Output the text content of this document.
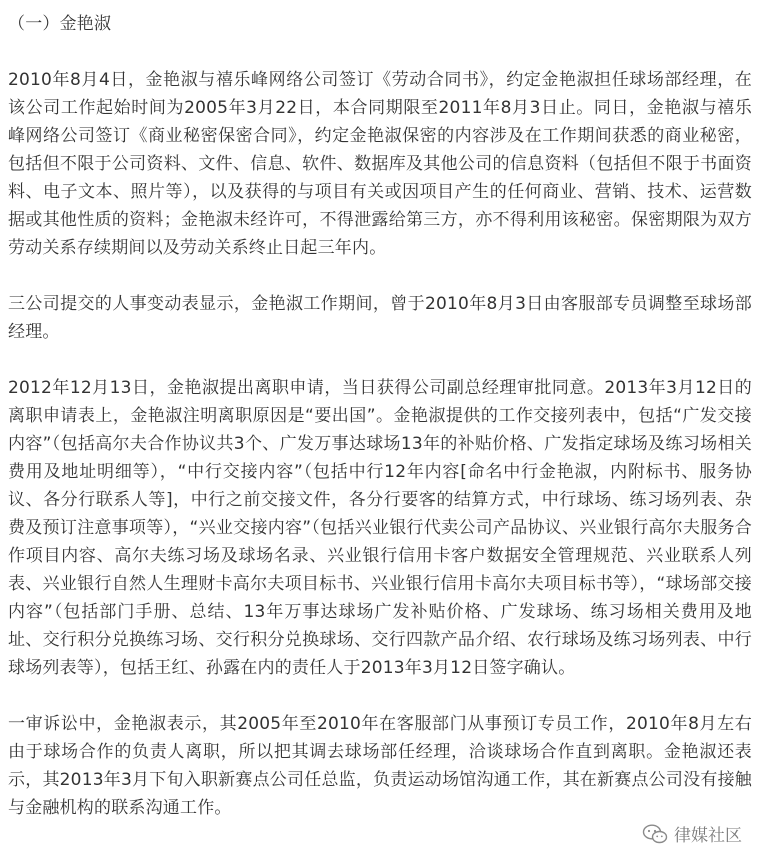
（一）金艳淑

2010年8月4日，金艳淑与禧乐峰网络公司签订《劳动合同书》，约定金艳淑担任球场部经理，在该公司工作起始时间为2005年3月22日，本合同期限至2011年8月3日止。同日，金艳淑与禧乐峰网络公司签订《商业秘密保密合同》，约定金艳淑保密的内容涉及在工作期间获悉的商业秘密，包括但不限于公司资料、文件、信息、软件、数据库及其他公司的信息资料（包括但不限于书面资料、电子文本、照片等），以及获得的与项目有关或因项目产生的任何商业、营销、技术、运营数据或其他性质的资料；金艳淑未经许可，不得泄露给第三方，亦不得利用该秘密。保密期限为双方劳动关系存续期间以及劳动关系终止日起三年内。

三公司提交的人事变动表显示，金艳淑工作期间，曾于2010年8月3日由客服部专员调整至球场部经理。

2012年12月13日，金艳淑提出离职申请，当日获得公司副总经理审批同意。2013年3月12日的离职申请表上，金艳淑注明离职原因是“要出国”。金艳淑提供的工作交接列表中，包括“广发交接内容”（包括高尔夫合作协议共3个、广发万事达球场13年的补贴价格、广发指定球场及练习场相关费用及地址明细等），“中行交接内容”（包括中行12年内容[命名中行金艳淑，内附标书、服务协议、各分行联系人等]，中行之前交接文件，各分行要客的结算方式，中行球场、练习场列表、杂费及预订注意事项等），“兴业交接内容”（包括兴业银行代卖公司产品协议、兴业银行高尔夫服务合作项目内容、高尔夫练习场及球场名录、兴业银行信用卡客户数据安全管理规范、兴业联系人列表、兴业银行自然人生理财卡高尔夫项目标书、兴业银行信用卡高尔夫项目标书等），“球场部交接内容”（包括部门手册、总结、13年万事达球场广发补贴价格、广发球场、练习场相关费用及地址、交行积分兑换练习场、交行积分兑换球场、交行四款产品介绍、农行球场及练习场列表、中行球场列表等），包括王红、孙露在内的责任人于2013年3月12日签字确认。

一审诉讼中，金艳淑表示，其2005年至2010年在客服部门从事预订专员工作，2010年8月左右由于球场合作的负责人离职，所以把其调去球场部任经理，洽谈球场合作直到离职。金艳淑还表示，其2013年3月下旬入职新赛点公司任总监，负责运动场馆沟通工作，其在新赛点公司没有接触与金融机构的联系沟通工作。

律媒社区
